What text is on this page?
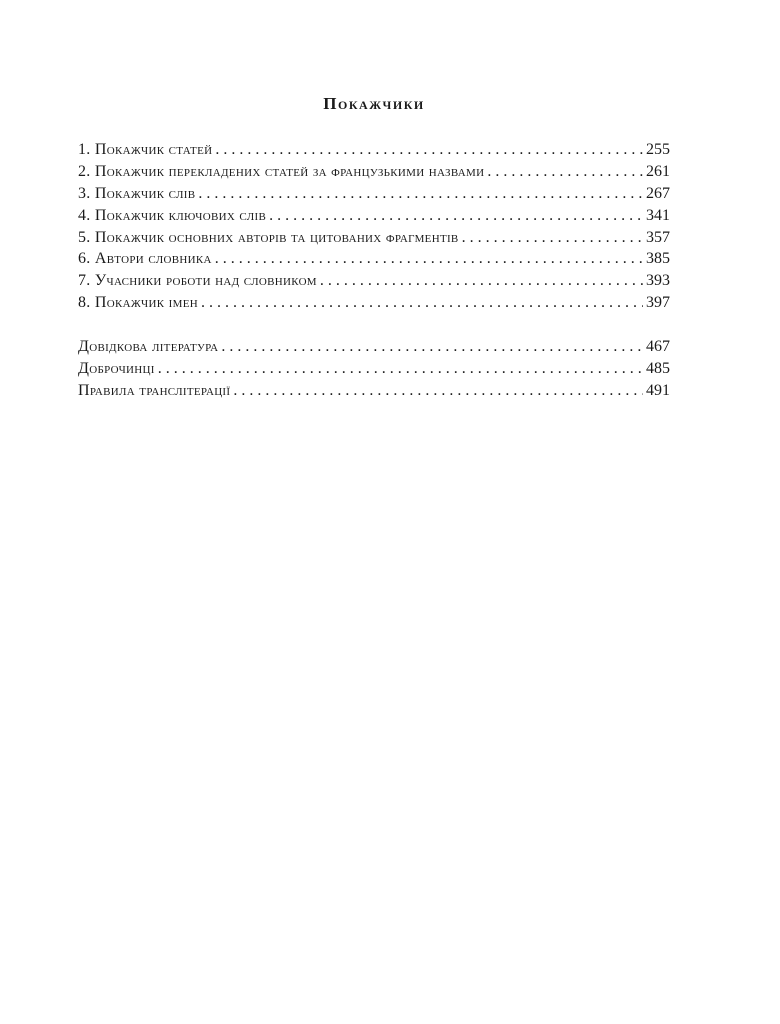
Покажчики
1. Покажчик статей . . .	255
2. Покажчик перекладених статей за французькими назвами . . .	261
3. Покажчик слів . . .	267
4. Покажчик ключових слів . . .	341
5. Покажчик основних авторів та цитованих фрагментів . . .	357
6. Автори словника . . .	385
7. Учасники роботи над словником . . .	393
8. Покажчик імен . . .	397
Довідкова література . . .	467
Доброчинці . . .	485
Правила транслітерації . . .	491
